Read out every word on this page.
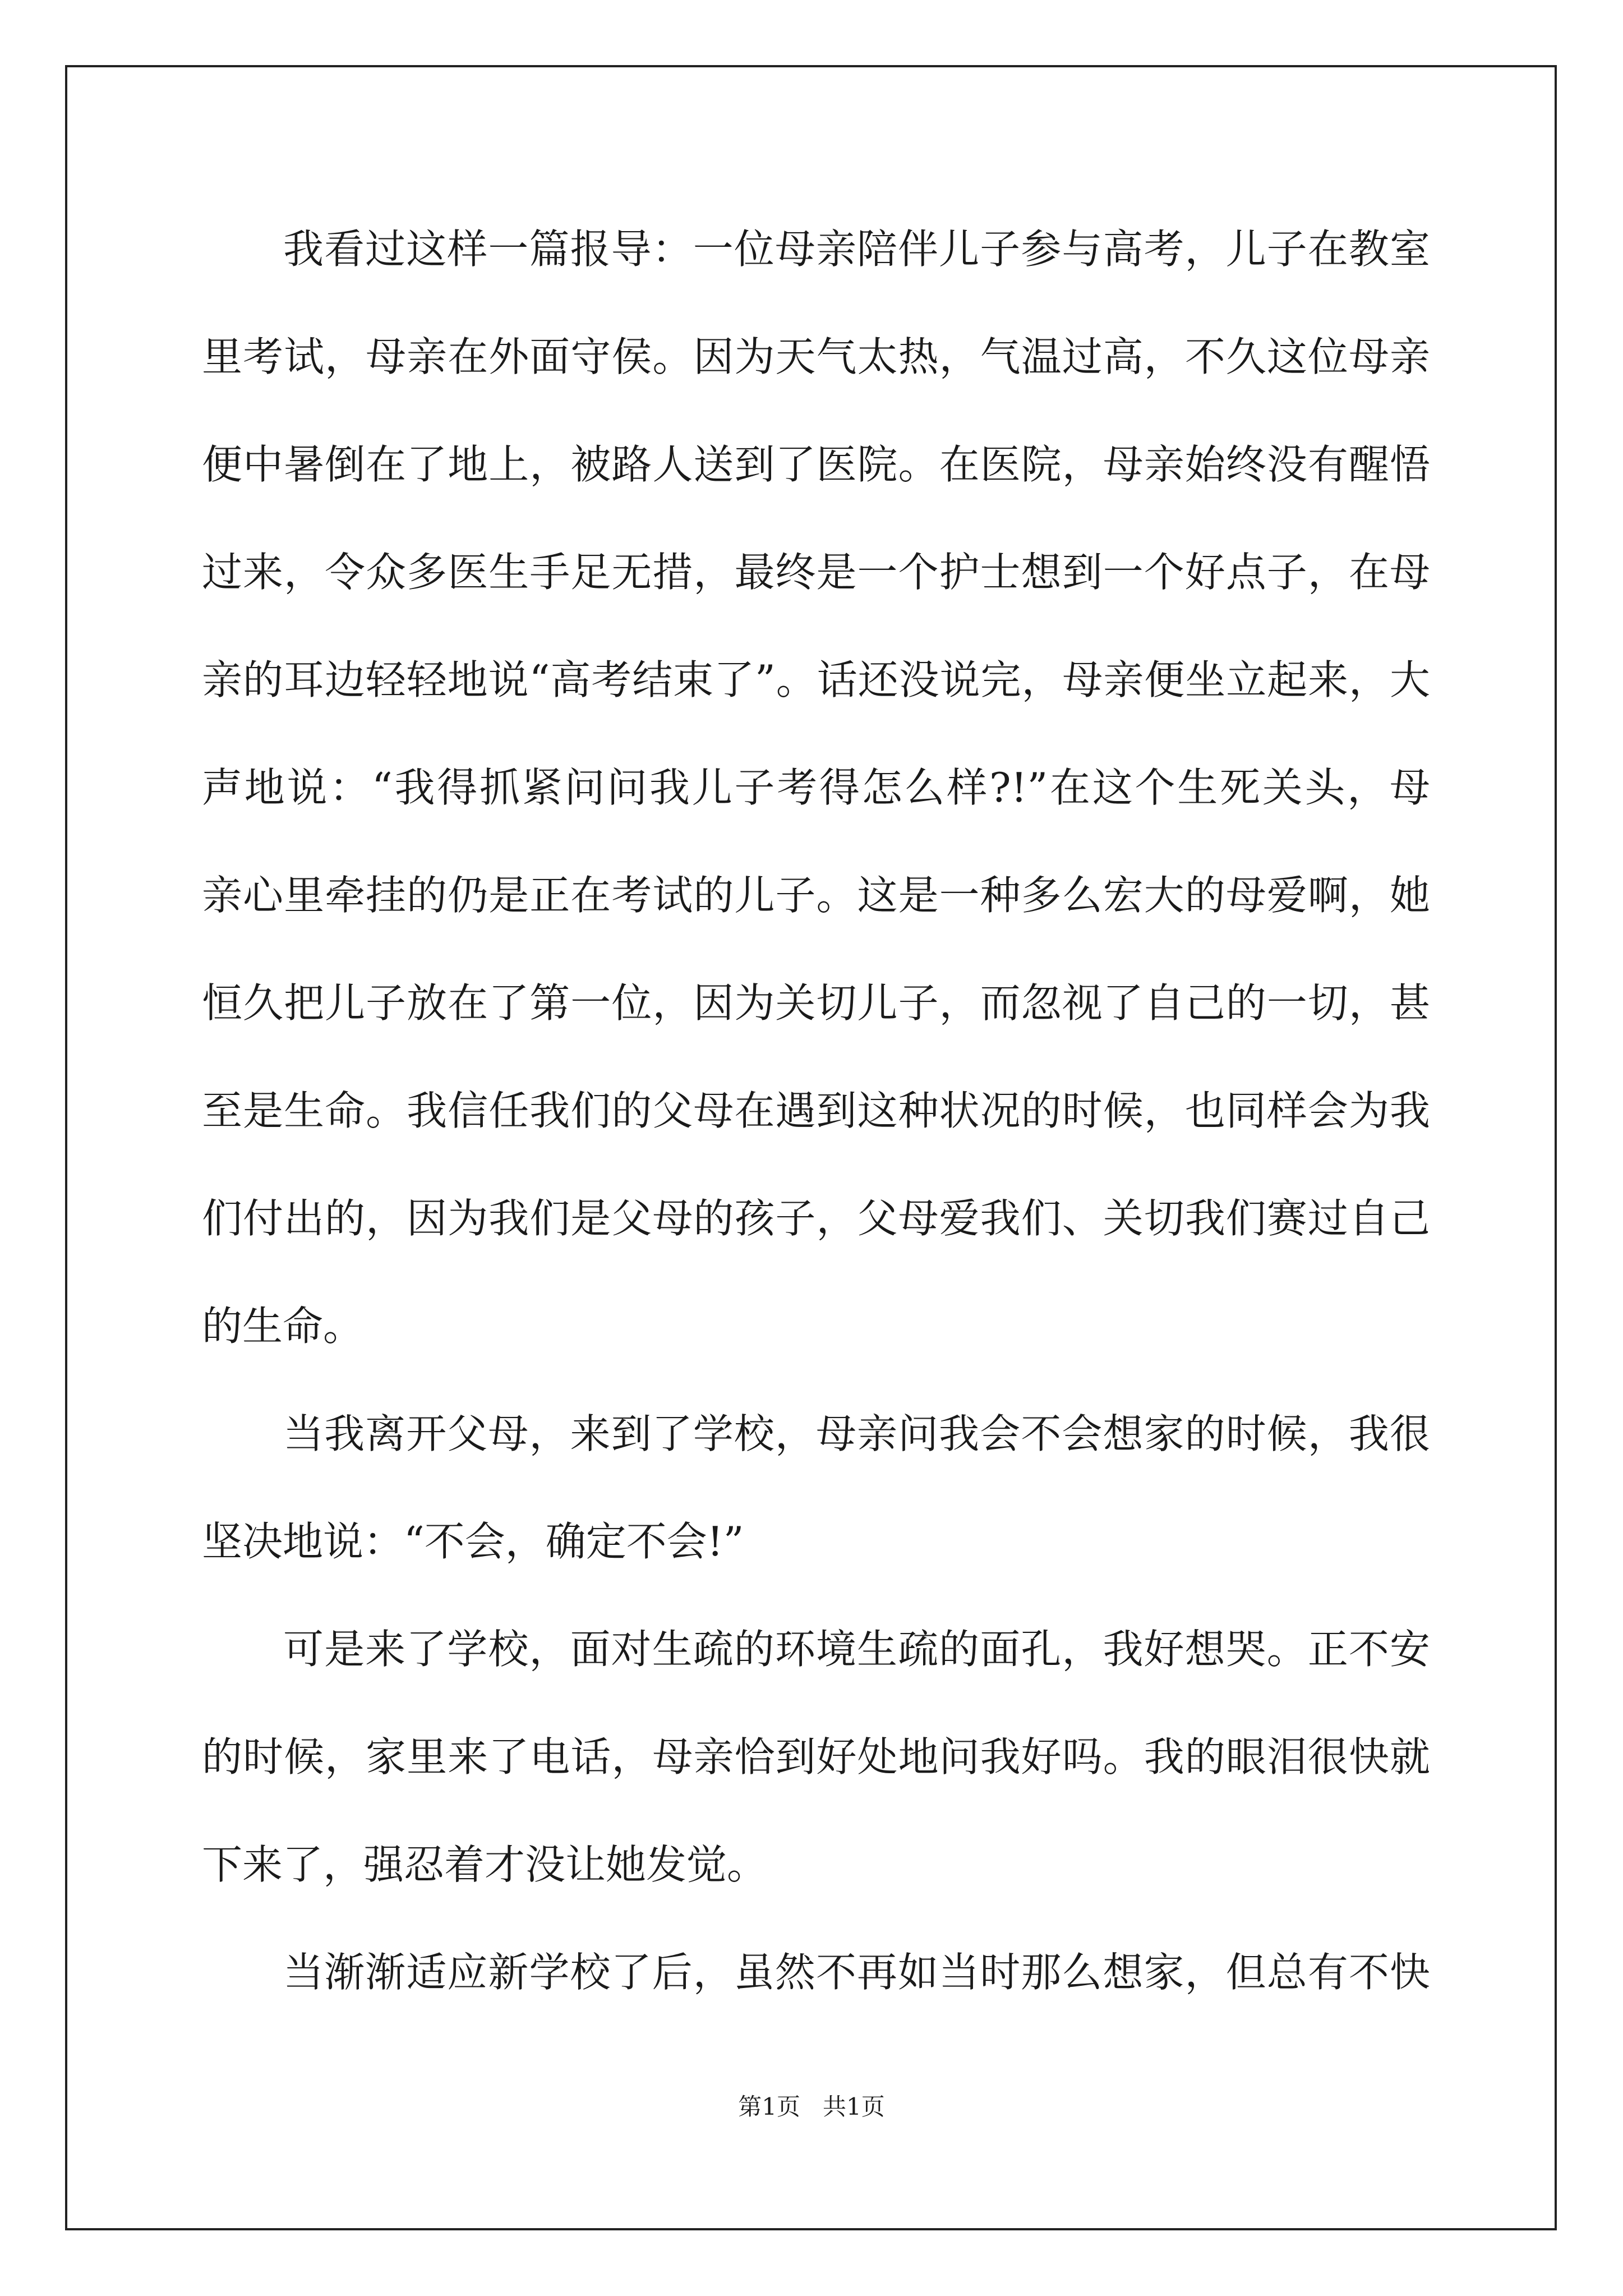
我看过这样一篇报导：一位母亲陪伴儿子参与高考，儿子在教室
里考试，母亲在外面守侯。因为天气太热，气温过高，不久这位母亲
便中暑倒在了地上，被路人送到了医院。在医院，母亲始终没有醒悟
过来，令众多医生手足无措，最终是一个护士想到一个好点子，在母
亲的耳边轻轻地说“高考结束了”。话还没说完，母亲便坐立起来，大
声地说：“我得抓紧问问我儿子考得怎么样?!”在这个生死关头，母
亲心里牵挂的仍是正在考试的儿子。这是一种多么宏大的母爱啊，她
恒久把儿子放在了第一位，因为关切儿子，而忽视了自己的一切，甚
至是生命。我信任我们的父母在遇到这种状况的时候，也同样会为我
们付出的，因为我们是父母的孩子，父母爱我们、关切我们赛过自己
的生命。
当我离开父母，来到了学校，母亲问我会不会想家的时候，我很
坚决地说：“不会，确定不会!”
可是来了学校，面对生疏的环境生疏的面孔，我好想哭。正不安
的时候，家里来了电话，母亲恰到好处地问我好吗。我的眼泪很快就
下来了，强忍着才没让她发觉。
当渐渐适应新学校了后，虽然不再如当时那么想家，但总有不快
第1页   共1页
